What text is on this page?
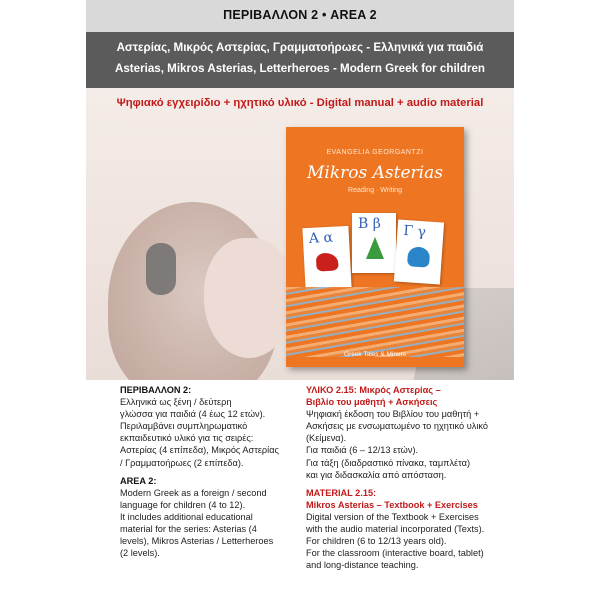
ΠΕΡΙΒΑΛΛΟΝ 2 • AREA 2
Αστερίας, Μικρός Αστερίας, Γραμματοήρωες - Ελληνικά για παιδιά
Asterias, Mikros Asterias, Letterheroes - Modern Greek for children
Ψηφιακό εγχειρίδιο + ηχητικό υλικό - Digital manual + audio material
EVANGELIA GEORGANTZI
Mikros Asterias
Reading · Writing
Α α
Β β Γ γ
Greek Tales & Miners
ΠΕΡΙΒΑΛΛΟΝ 2:

Ελληνικά ως ξένη / δεύτερη
γλώσσα για παιδιά (4 έως 12 ετών).
Περιλαμβάνει συμπληρωματικό
εκπαιδευτικό υλικό για τις σειρές:
Αστερίας (4 επίπεδα), Μικρός Αστερίας
/ Γραμματοήρωες (2 επίπεδα).

AREA 2:

Modern Greek as a foreign / second
language for children (4 to 12).
It includes additional educational
material for the series: Asterias (4
levels), Mikros Asterias / Letterheroes
(2 levels).

ΥΛΙΚΟ 2.15: Μικρός Αστερίας –
Βιβλίο του μαθητή + Ασκήσεις

Ψηφιακή έκδοση του Βιβλίου του μαθητή +
Ασκήσεις με ενσωματωμένο το ηχητικό υλικό
(Κείμενα).
Για παιδιά (6 – 12/13 ετών).
Για τάξη (διαδραστικό πίνακα, ταμπλέτα)
και για διδασκαλία από απόσταση.

MATERIAL 2.15:
Mikros Asterias – Textbook + Exercises

Digital version of the Textbook + Exercises
with the audio material incorporated (Texts).
For children (6 to 12/13 years old).
For the classroom (interactive board, tablet)
and long-distance teaching.
